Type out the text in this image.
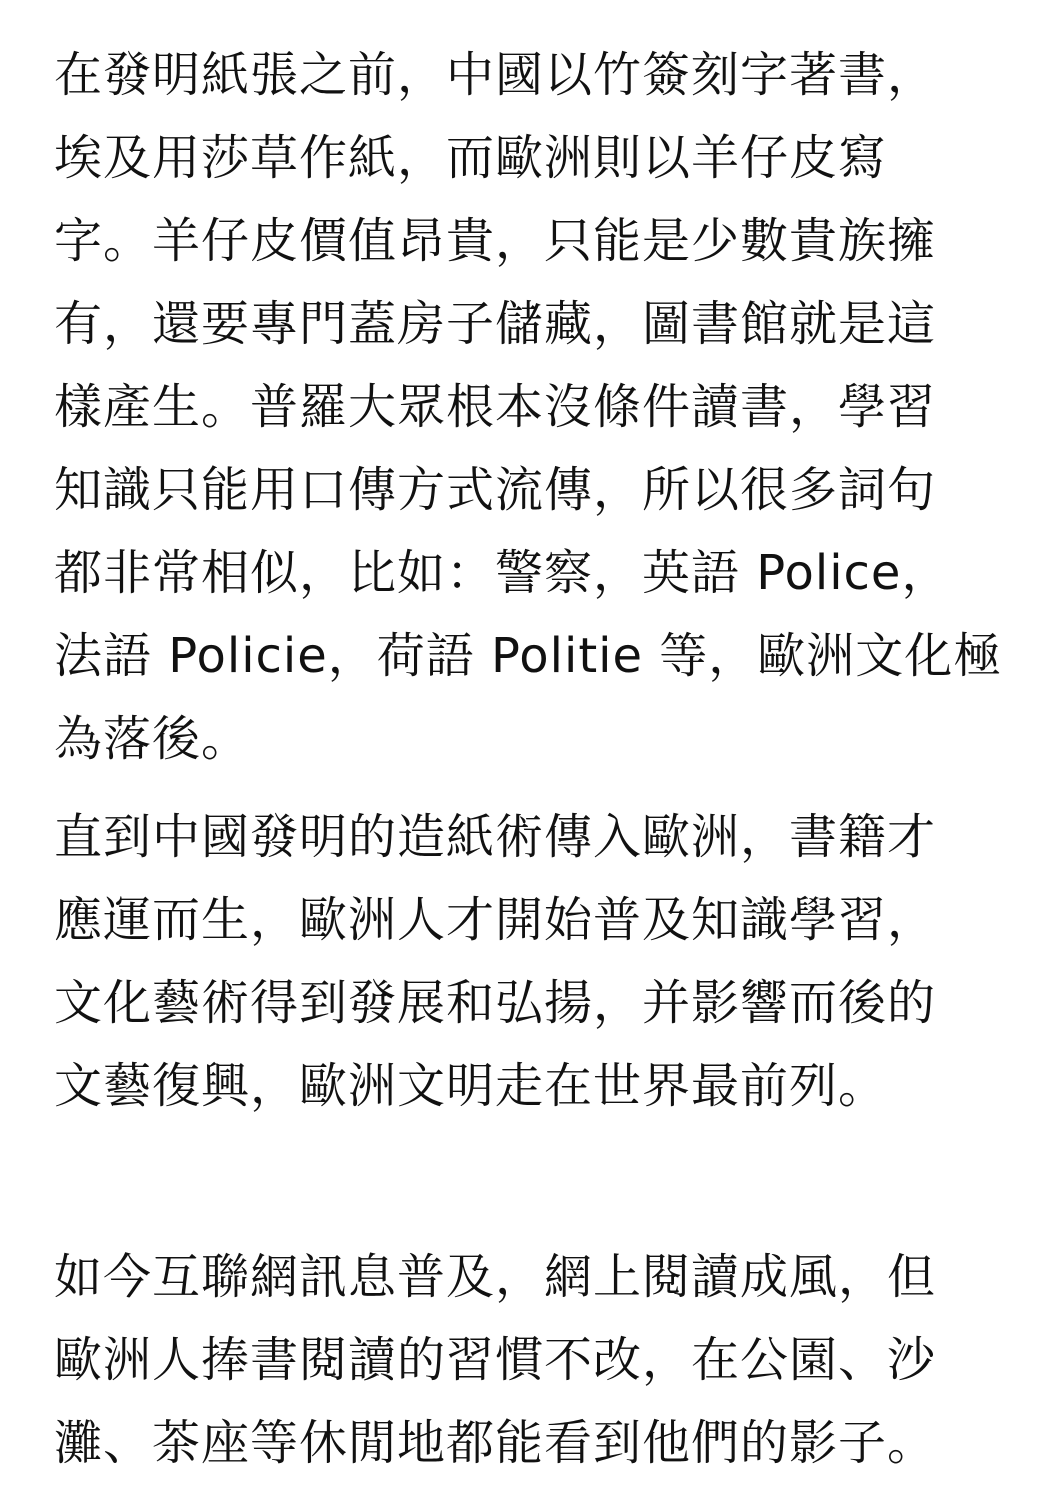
在發明紙張之前，中國以竹簽刻字著書，
埃及用莎草作紙，而歐洲則以羊仔皮寫
字。羊仔皮價值昂貴，只能是少數貴族擁
有，還要專門蓋房子儲藏，圖書館就是這
樣產生。普羅大眾根本沒條件讀書，學習
知識只能用口傳方式流傳，所以很多詞句
都非常相似，比如：警察，英語 Police，
法語 Policie，荷語 Politie 等，歐洲文化極
為落後。
直到中國發明的造紙術傳入歐洲，書籍才
應運而生，歐洲人才開始普及知識學習，
文化藝術得到發展和弘揚，并影響而後的
文藝復興，歐洲文明走在世界最前列。
如今互聯網訊息普及，網上閱讀成風，但
歐洲人捧書閱讀的習慣不改，在公園、沙
灘、茶座等休閒地都能看到他們的影子。
